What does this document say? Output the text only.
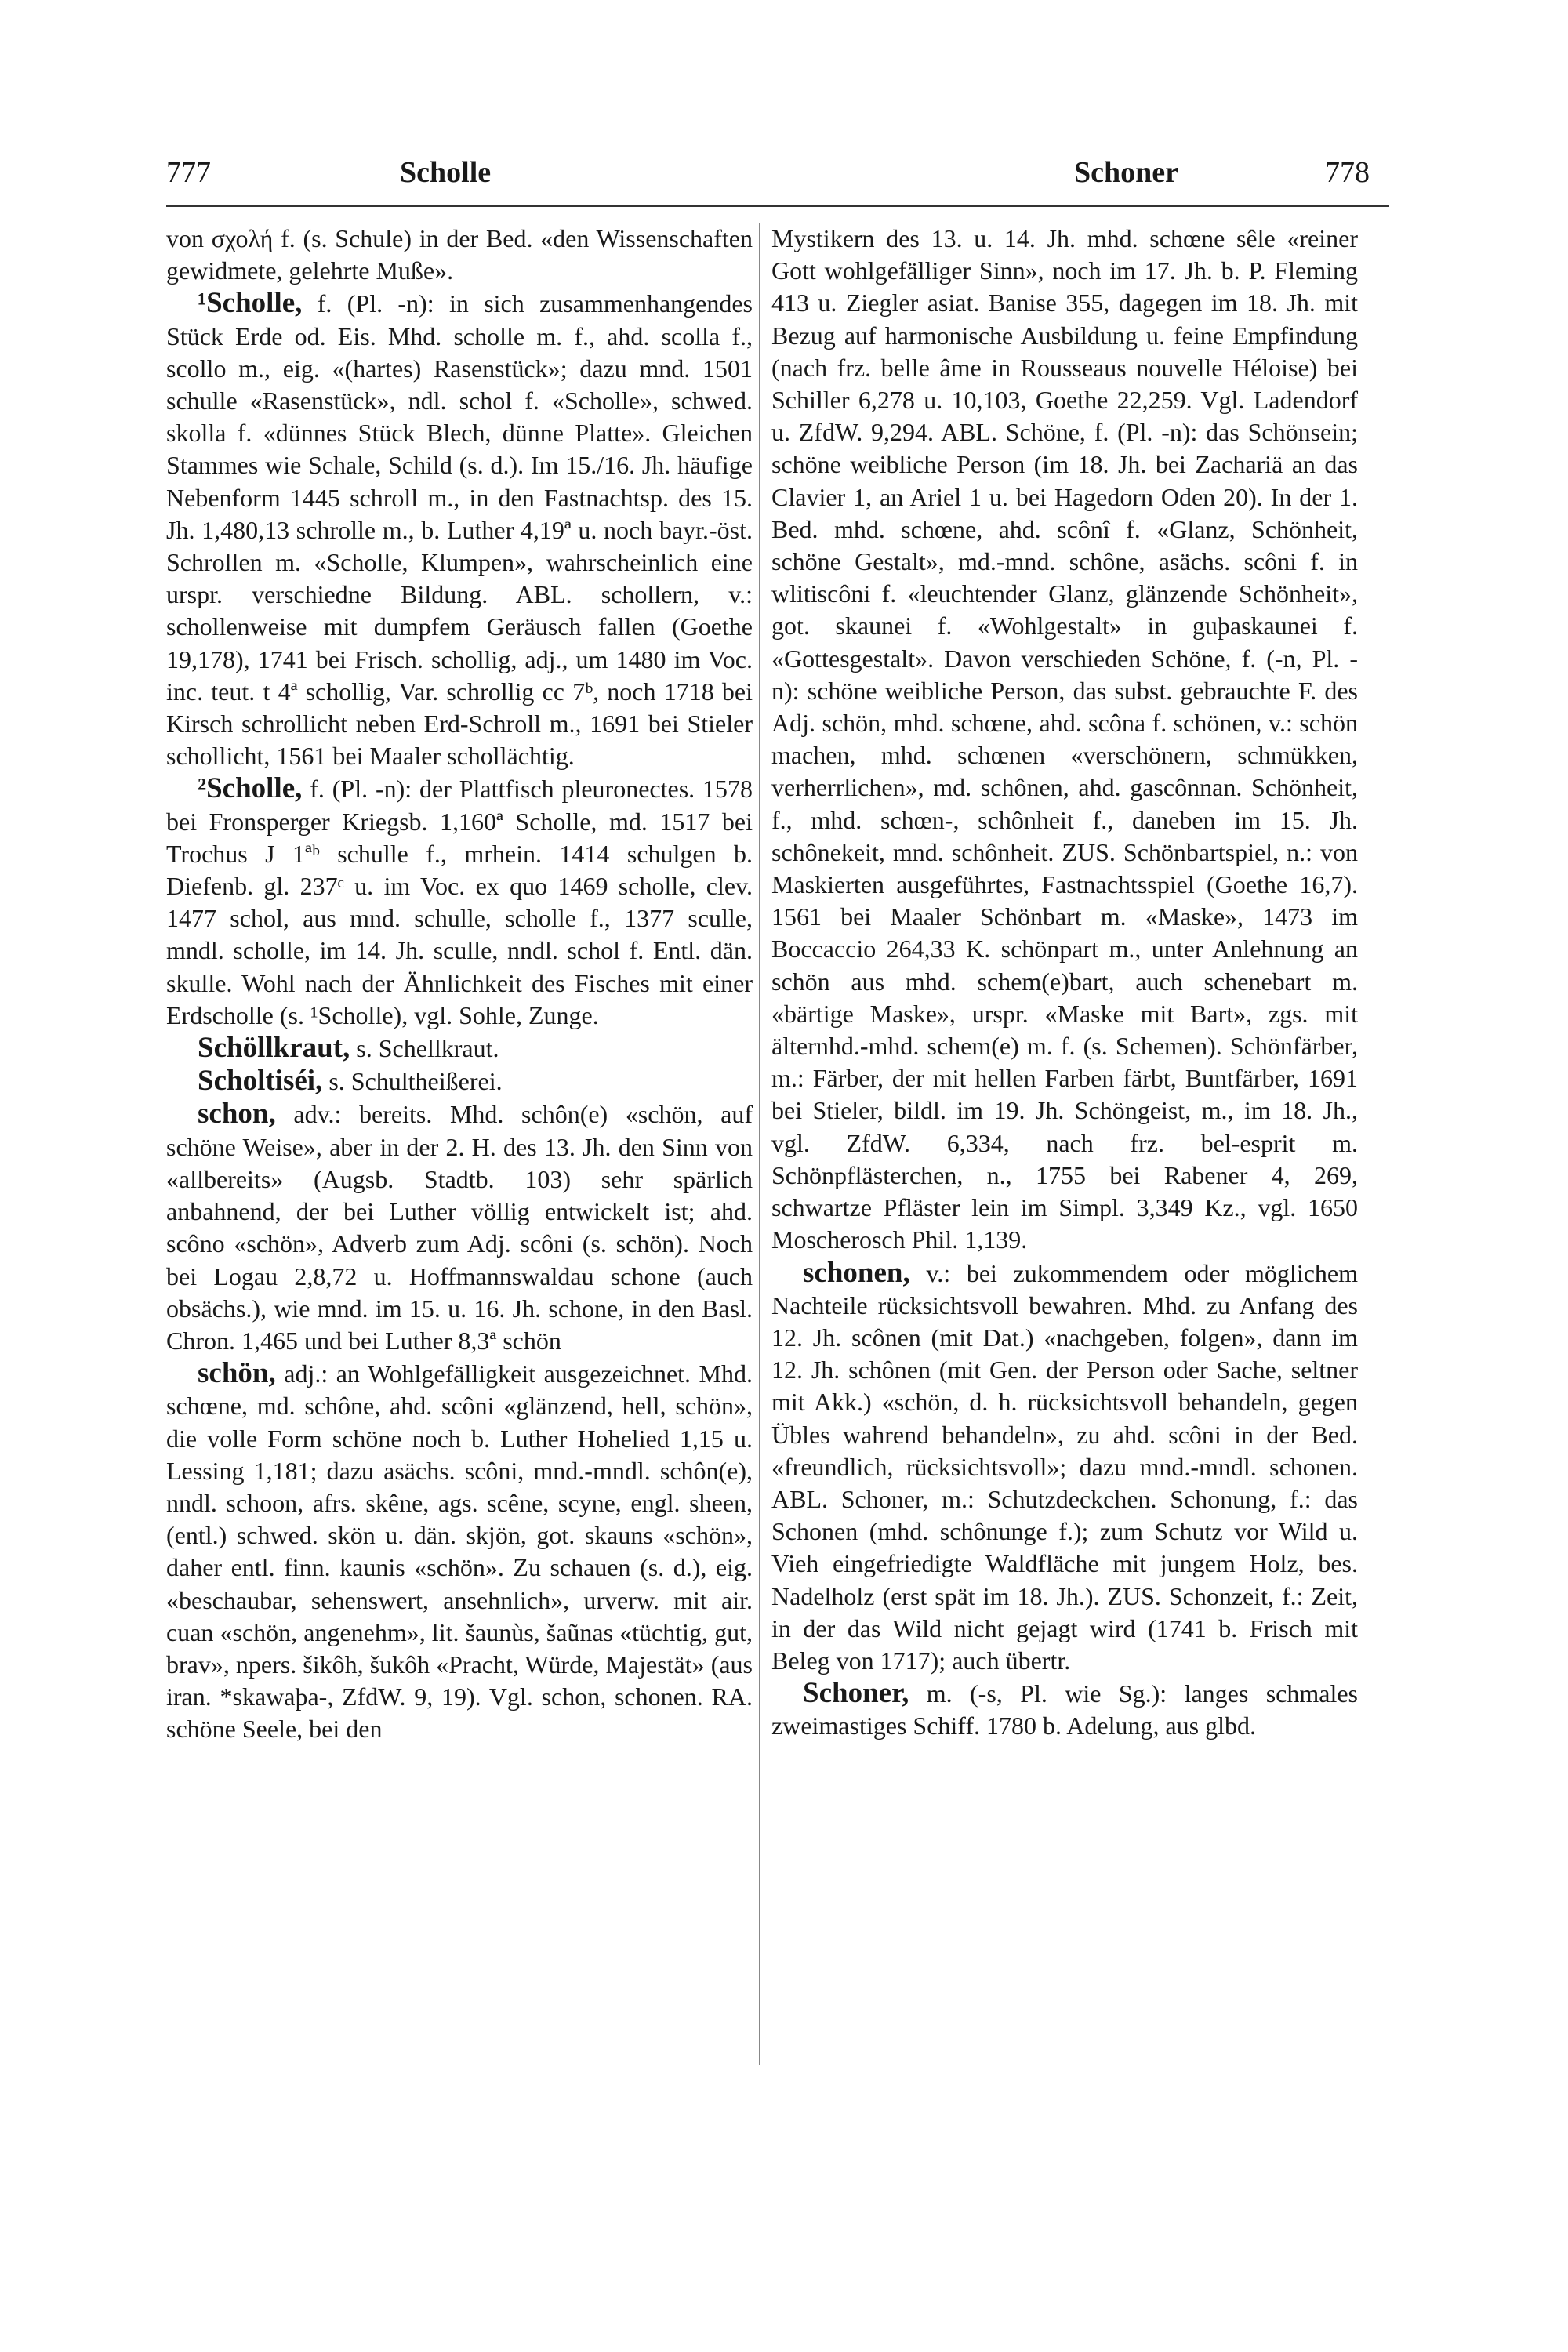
777	Scholle	Schoner	778

von σχολή f. (s. Schule) in der Bed. «den Wissenschaften gewidmete, gelehrte Muße».

¹Scholle, f. (Pl. -n): in sich zusammenhangendes Stück Erde od. Eis. Mhd. scholle m. f., ahd. scolla f., scollo m., eig. «(hartes) Rasenstück»; dazu mnd. 1501 schulle «Rasenstück», ndl. schol f. «Scholle», schwed. skolla f. «dünnes Stück Blech, dünne Platte». Gleichen Stammes wie Schale, Schild (s. d.). Im 15./16. Jh. häufige Nebenform 1445 schroll m., in den Fastnachtsp. des 15. Jh. 1,480,13 schrolle m., b. Luther 4,19ª u. noch bayr.-öst. Schrollen m. «Scholle, Klumpen», wahrscheinlich eine urspr. verschiedne Bildung. ABL. schollern, v.: schollenweise mit dumpfem Geräusch fallen (Goethe 19,178), 1741 bei Frisch. schollig, adj., um 1480 im Voc. inc. teut. t 4ª schollig, Var. schrollig cc 7ᵇ, noch 1718 bei Kirsch schrollicht neben Erd-Schroll m., 1691 bei Stieler schollicht, 1561 bei Maaler schollächtig.

²Scholle, f. (Pl. -n): der Plattfisch pleuronectes. 1578 bei Fronsperger Kriegsb. 1,160ª Scholle, md. 1517 bei Trochus J 1ªᵇ schulle f., mrhein. 1414 schulgen b. Diefenb. gl. 237ᶜ u. im Voc. ex quo 1469 scholle, clev. 1477 schol, aus mnd. schulle, scholle f., 1377 sculle, mndl. scholle, im 14. Jh. sculle, nndl. schol f. Entl. dän. skulle. Wohl nach der Ähnlichkeit des Fisches mit einer Erdscholle (s. ¹Scholle), vgl. Sohle, Zunge.

Schöllkraut, s. Schellkraut.

Scholtiséi, s. Schultheißerei.

schon, adv.: bereits. Mhd. schôn(e) «schön, auf schöne Weise», aber in der 2. H. des 13. Jh. den Sinn von «allbereits» (Augsb. Stadtb. 103) sehr spärlich anbahnend, der bei Luther völlig entwickelt ist; ahd. scôno «schön», Adverb zum Adj. scôni (s. schön). Noch bei Logau 2,8,72 u. Hoffmannswaldau schone (auch obsächs.), wie mnd. im 15. u. 16. Jh. schone, in den Basl. Chron. 1,465 und bei Luther 8,3ª schön

schön, adj.: an Wohlgefälligkeit ausgezeichnet. Mhd. schœne, md. schône, ahd. scôni «glänzend, hell, schön», die volle Form schöne noch b. Luther Hohelied 1,15 u. Lessing 1,181; dazu asächs. scôni, mnd.-mndl. schôn(e), nndl. schoon, afrs. skêne, ags. scêne, scyne, engl. sheen, (entl.) schwed. skön u. dän. skjön, got. skauns «schön», daher entl. finn. kaunis «schön». Zu schauen (s. d.), eig. «beschaubar, sehenswert, ansehnlich», urverw. mit air. cuan «schön, angenehm», lit. šaunùs, šaũnas «tüchtig, gut, brav», npers. šikôh, šukôh «Pracht, Würde, Majestät» (aus iran. *skawaþa-, ZfdW. 9, 19). Vgl. schon, schonen. RA. schöne Seele, bei den

Mystikern des 13. u. 14. Jh. mhd. schœne sêle «reiner Gott wohlgefälliger Sinn», noch im 17. Jh. b. P. Fleming 413 u. Ziegler asiat. Banise 355, dagegen im 18. Jh. mit Bezug auf harmonische Ausbildung u. feine Empfindung (nach frz. belle âme in Rousseaus nouvelle Héloise) bei Schiller 6,278 u. 10,103, Goethe 22,259. Vgl. Ladendorf u. ZfdW. 9,294. ABL. Schöne, f. (Pl. -n): das Schönsein; schöne weibliche Person (im 18. Jh. bei Zachariä an das Clavier 1, an Ariel 1 u. bei Hagedorn Oden 20). In der 1. Bed. mhd. schœne, ahd. scônî f. «Glanz, Schönheit, schöne Gestalt», md.-mnd. schône, asächs. scôni f. in wlitiscôni f. «leuchtender Glanz, glänzende Schönheit», got. skaunei f. «Wohlgestalt» in guþaskaunei f. «Gottesgestalt». Davon verschieden Schöne, f. (-n, Pl. -n): schöne weibliche Person, das subst. gebrauchte F. des Adj. schön, mhd. schœne, ahd. scôna f. schönen, v.: schön machen, mhd. schœnen «verschönern, schmükken, verherrlichen», md. schônen, ahd. gascônnan. Schönheit, f., mhd. schœn-, schônheit f., daneben im 15. Jh. schônekeit, mnd. schônheit. ZUS. Schönbartspiel, n.: von Maskierten ausgeführtes, Fastnachtsspiel (Goethe 16,7). 1561 bei Maaler Schönbart m. «Maske», 1473 im Boccaccio 264,33 K. schönpart m., unter Anlehnung an schön aus mhd. schem(e)bart, auch schenebart m. «bärtige Maske», urspr. «Maske mit Bart», zgs. mit älternhd.-mhd. schem(e) m. f. (s. Schemen). Schönfärber, m.: Färber, der mit hellen Farben färbt, Buntfärber, 1691 bei Stieler, bildl. im 19. Jh. Schöngeist, m., im 18. Jh., vgl. ZfdW. 6,334, nach frz. bel-esprit m. Schönpflästerchen, n., 1755 bei Rabener 4, 269, schwartze Pfläster lein im Simpl. 3,349 Kz., vgl. 1650 Moscherosch Phil. 1,139.

schonen, v.: bei zukommendem oder möglichem Nachteile rücksichtsvoll bewahren. Mhd. zu Anfang des 12. Jh. scônen (mit Dat.) «nachgeben, folgen», dann im 12. Jh. schônen (mit Gen. der Person oder Sache, seltner mit Akk.) «schön, d. h. rücksichtsvoll behandeln, gegen Übles wahrend behandeln», zu ahd. scôni in der Bed. «freundlich, rücksichtsvoll»; dazu mnd.-mndl. schonen. ABL. Schoner, m.: Schutzdeckchen. Schonung, f.: das Schonen (mhd. schônunge f.); zum Schutz vor Wild u. Vieh eingefriedigte Waldfläche mit jungem Holz, bes. Nadelholz (erst spät im 18. Jh.). ZUS. Schonzeit, f.: Zeit, in der das Wild nicht gejagt wird (1741 b. Frisch mit Beleg von 1717); auch übertr.

Schoner, m. (-s, Pl. wie Sg.): langes schmales zweimastiges Schiff. 1780 b. Adelung, aus glbd.
